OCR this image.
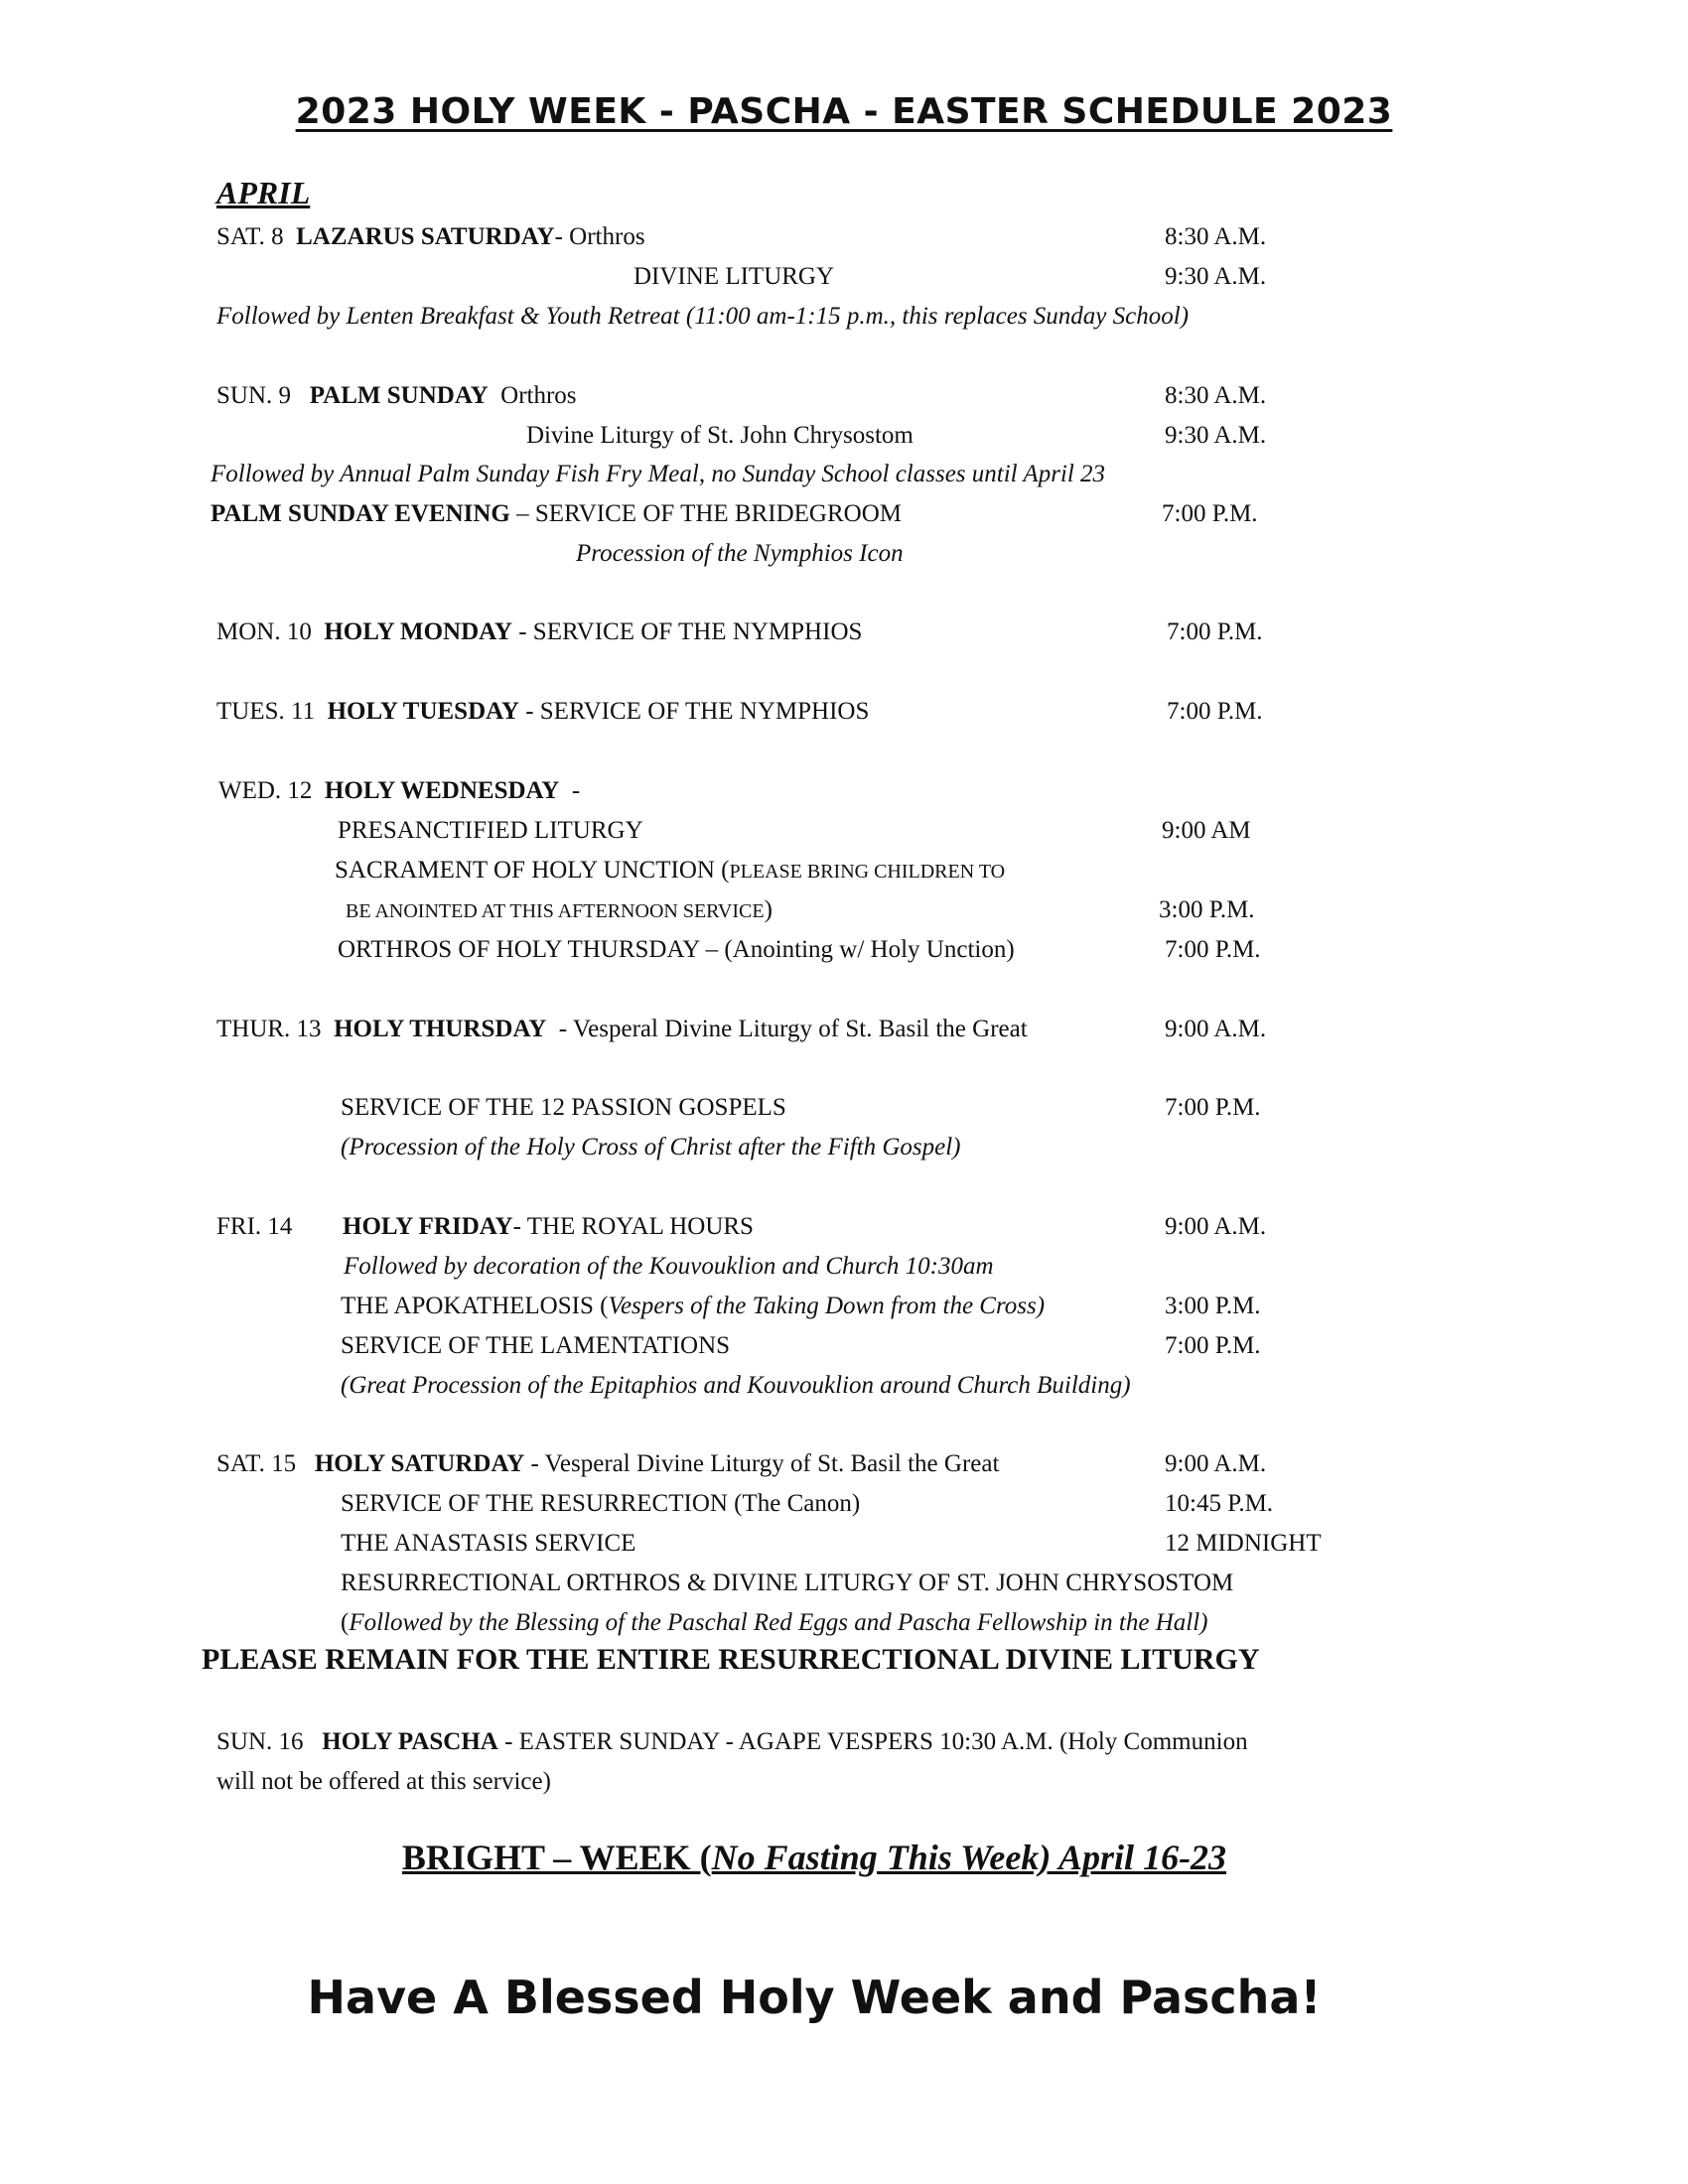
2023 HOLY WEEK - PASCHA - EASTER SCHEDULE 2023
APRIL
SAT. 8 LAZARUS SATURDAY- Orthros	8:30 A.M.
DIVINE LITURGY	9:30 A.M.
Followed by Lenten Breakfast & Youth Retreat (11:00 am-1:15 p.m., this replaces Sunday School)
SUN. 9 PALM SUNDAY Orthros	8:30 A.M.
Divine Liturgy of St. John Chrysostom	9:30 A.M.
Followed by Annual Palm Sunday Fish Fry Meal, no Sunday School classes until April 23
PALM SUNDAY EVENING – SERVICE OF THE BRIDEGROOM	7:00 P.M.
Procession of the Nymphios Icon
MON. 10 HOLY MONDAY - SERVICE OF THE NYMPHIOS	7:00 P.M.
TUES. 11 HOLY TUESDAY - SERVICE OF THE NYMPHIOS	7:00 P.M.
WED. 12 HOLY WEDNESDAY -
PRESANCTIFIED LITURGY	9:00 AM
SACRAMENT OF HOLY UNCTION (PLEASE BRING CHILDREN TO
BE ANOINTED AT THIS AFTERNOON SERVICE)	3:00 P.M.
ORTHROS OF HOLY THURSDAY – (Anointing w/ Holy Unction)	7:00 P.M.
THUR. 13 HOLY THURSDAY - Vesperal Divine Liturgy of St. Basil the Great	9:00 A.M.
SERVICE OF THE 12 PASSION GOSPELS	7:00 P.M.
(Procession of the Holy Cross of Christ after the Fifth Gospel)
FRI. 14 HOLY FRIDAY- THE ROYAL HOURS	9:00 A.M.
Followed by decoration of the Kouvouklion and Church 10:30am
THE APOKATHELOSIS (Vespers of the Taking Down from the Cross)	3:00 P.M.
SERVICE OF THE LAMENTATIONS	7:00 P.M.
(Great Procession of the Epitaphios and Kouvouklion around Church Building)
SAT. 15 HOLY SATURDAY - Vesperal Divine Liturgy of St. Basil the Great	9:00 A.M.
SERVICE OF THE RESURRECTION (The Canon)	10:45 P.M.
THE ANASTASIS SERVICE	12 MIDNIGHT
RESURRECTIONAL ORTHROS & DIVINE LITURGY OF ST. JOHN CHRYSOSTOM
(Followed by the Blessing of the Paschal Red Eggs and Pascha Fellowship in the Hall)
PLEASE REMAIN FOR THE ENTIRE RESURRECTIONAL DIVINE LITURGY
SUN. 16 HOLY PASCHA - EASTER SUNDAY - AGAPE VESPERS 10:30 A.M. (Holy Communion
will not be offered at this service)
BRIGHT – WEEK (No Fasting This Week) April 16-23
Have A Blessed Holy Week and Pascha!
